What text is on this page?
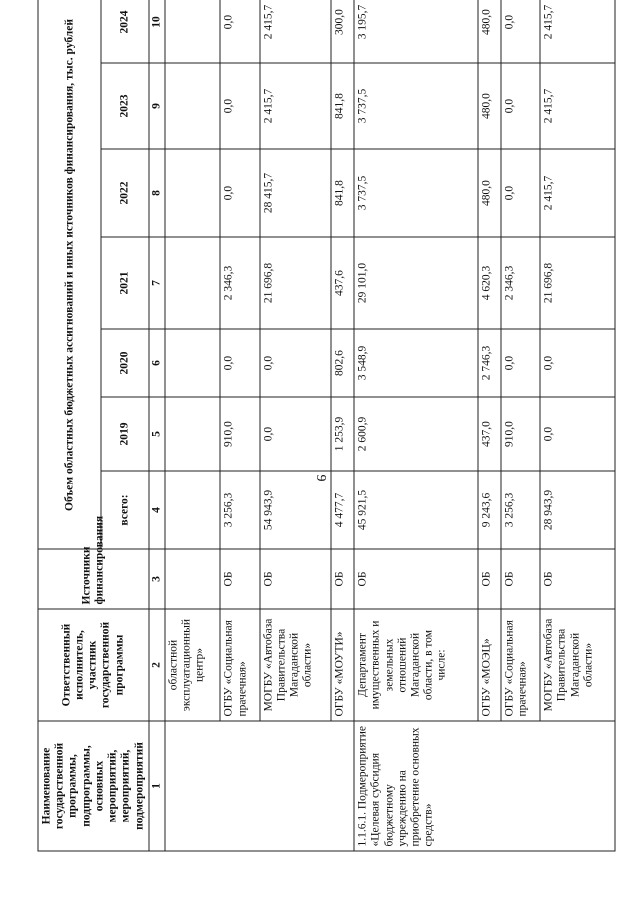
9
Наименование государственной программы, подпрограммы, основных мероприятий, мероприятий, подмероприятий	Ответственный исполнитель, участник государственной программы	Источники финансирования	Объем областных бюджетных ассигнований и иных источников финансирования, тыс. рублей						
			всего:	2019	2020	2021	2022	2023	2024
1	2	3	4	5	6	7	8	9	10
	областной эксплуатационный центр»								
	ОГБУ «Социальная прачечная»	ОБ	3 256,3	910,0	0,0	2 346,3	0,0	0,0	0,0
	МОГБУ «Автобаза Правительства Магаданской области»	ОБ	54 943,9	0,0	0,0	21 696,8	28 415,7	2 415,7	2 415,7
	ОГБУ «МОУТИ»	ОБ	4 477,7	1 253,9	802,6	437,6	841,8	841,8	300,0
1.1.6.1. Подмероприятие «Целевая субсидия бюджетному учреждению на приобретение основных средств»	Департамент имущественных и земельных отношений Магаданской области, в том числе:	ОБ	45 921,5	2 600,9	3 548,9	29 101,0	3 737,5	3 737,5	3 195,7
	ОГБУ «МОЭЦ»	ОБ	9 243,6	437,0	2 746,3	4 620,3	480,0	480,0	480,0
	ОГБУ «Социальная прачечная»	ОБ	3 256,3	910,0	0,0	2 346,3	0,0	0,0	0,0
	МОГБУ «Автобаза Правительства Магаданской области»	ОБ	28 943,9	0,0	0,0	21 696,8	2 415,7	2 415,7	2 415,7
